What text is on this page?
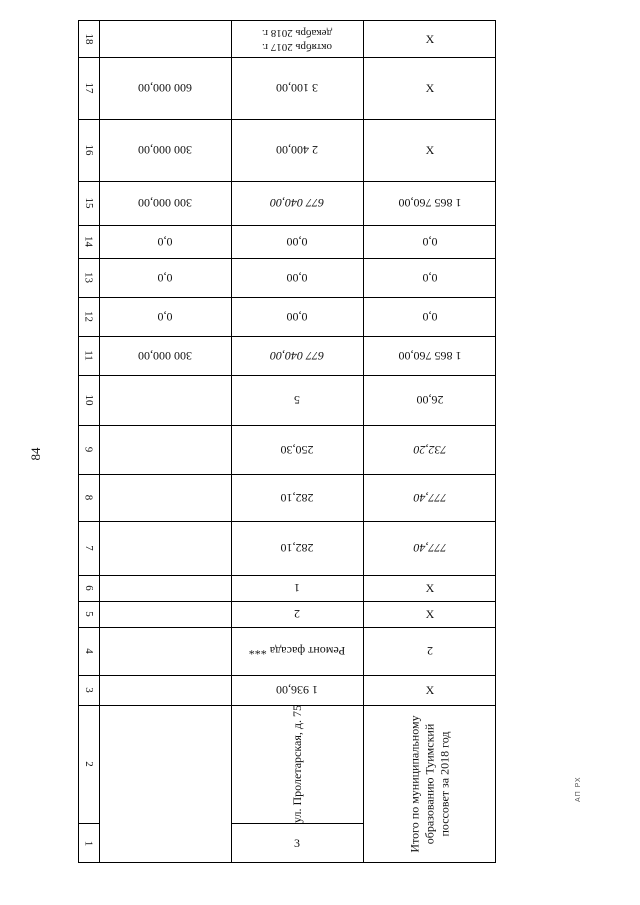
84
АП РХ
18
17
16
15
14
13
12
11
10
9
8
7
6
5
4
3
2
1
600 000,00
300 000,00
300 000,00
0,0
0,0
0,0
300 000,00
октябрь 2017 г. декабрь 2018 г.
3 100,00
2 400,00
677 040,00
0,00
0,00
0,00
677 040,00
5
250,30
282,10
282,10
1
2
Ремонт фасада ***
1 936,00
ул. Пролетарская, д. 75
3
X
X
X
1 865 760,00
0,0
0,0
0,0
1 865 760,00
26,00
732,20
777,40
777,40
X
X
2
X
Итого по муниципальному образованию Туимский поссовет за 2018 год
